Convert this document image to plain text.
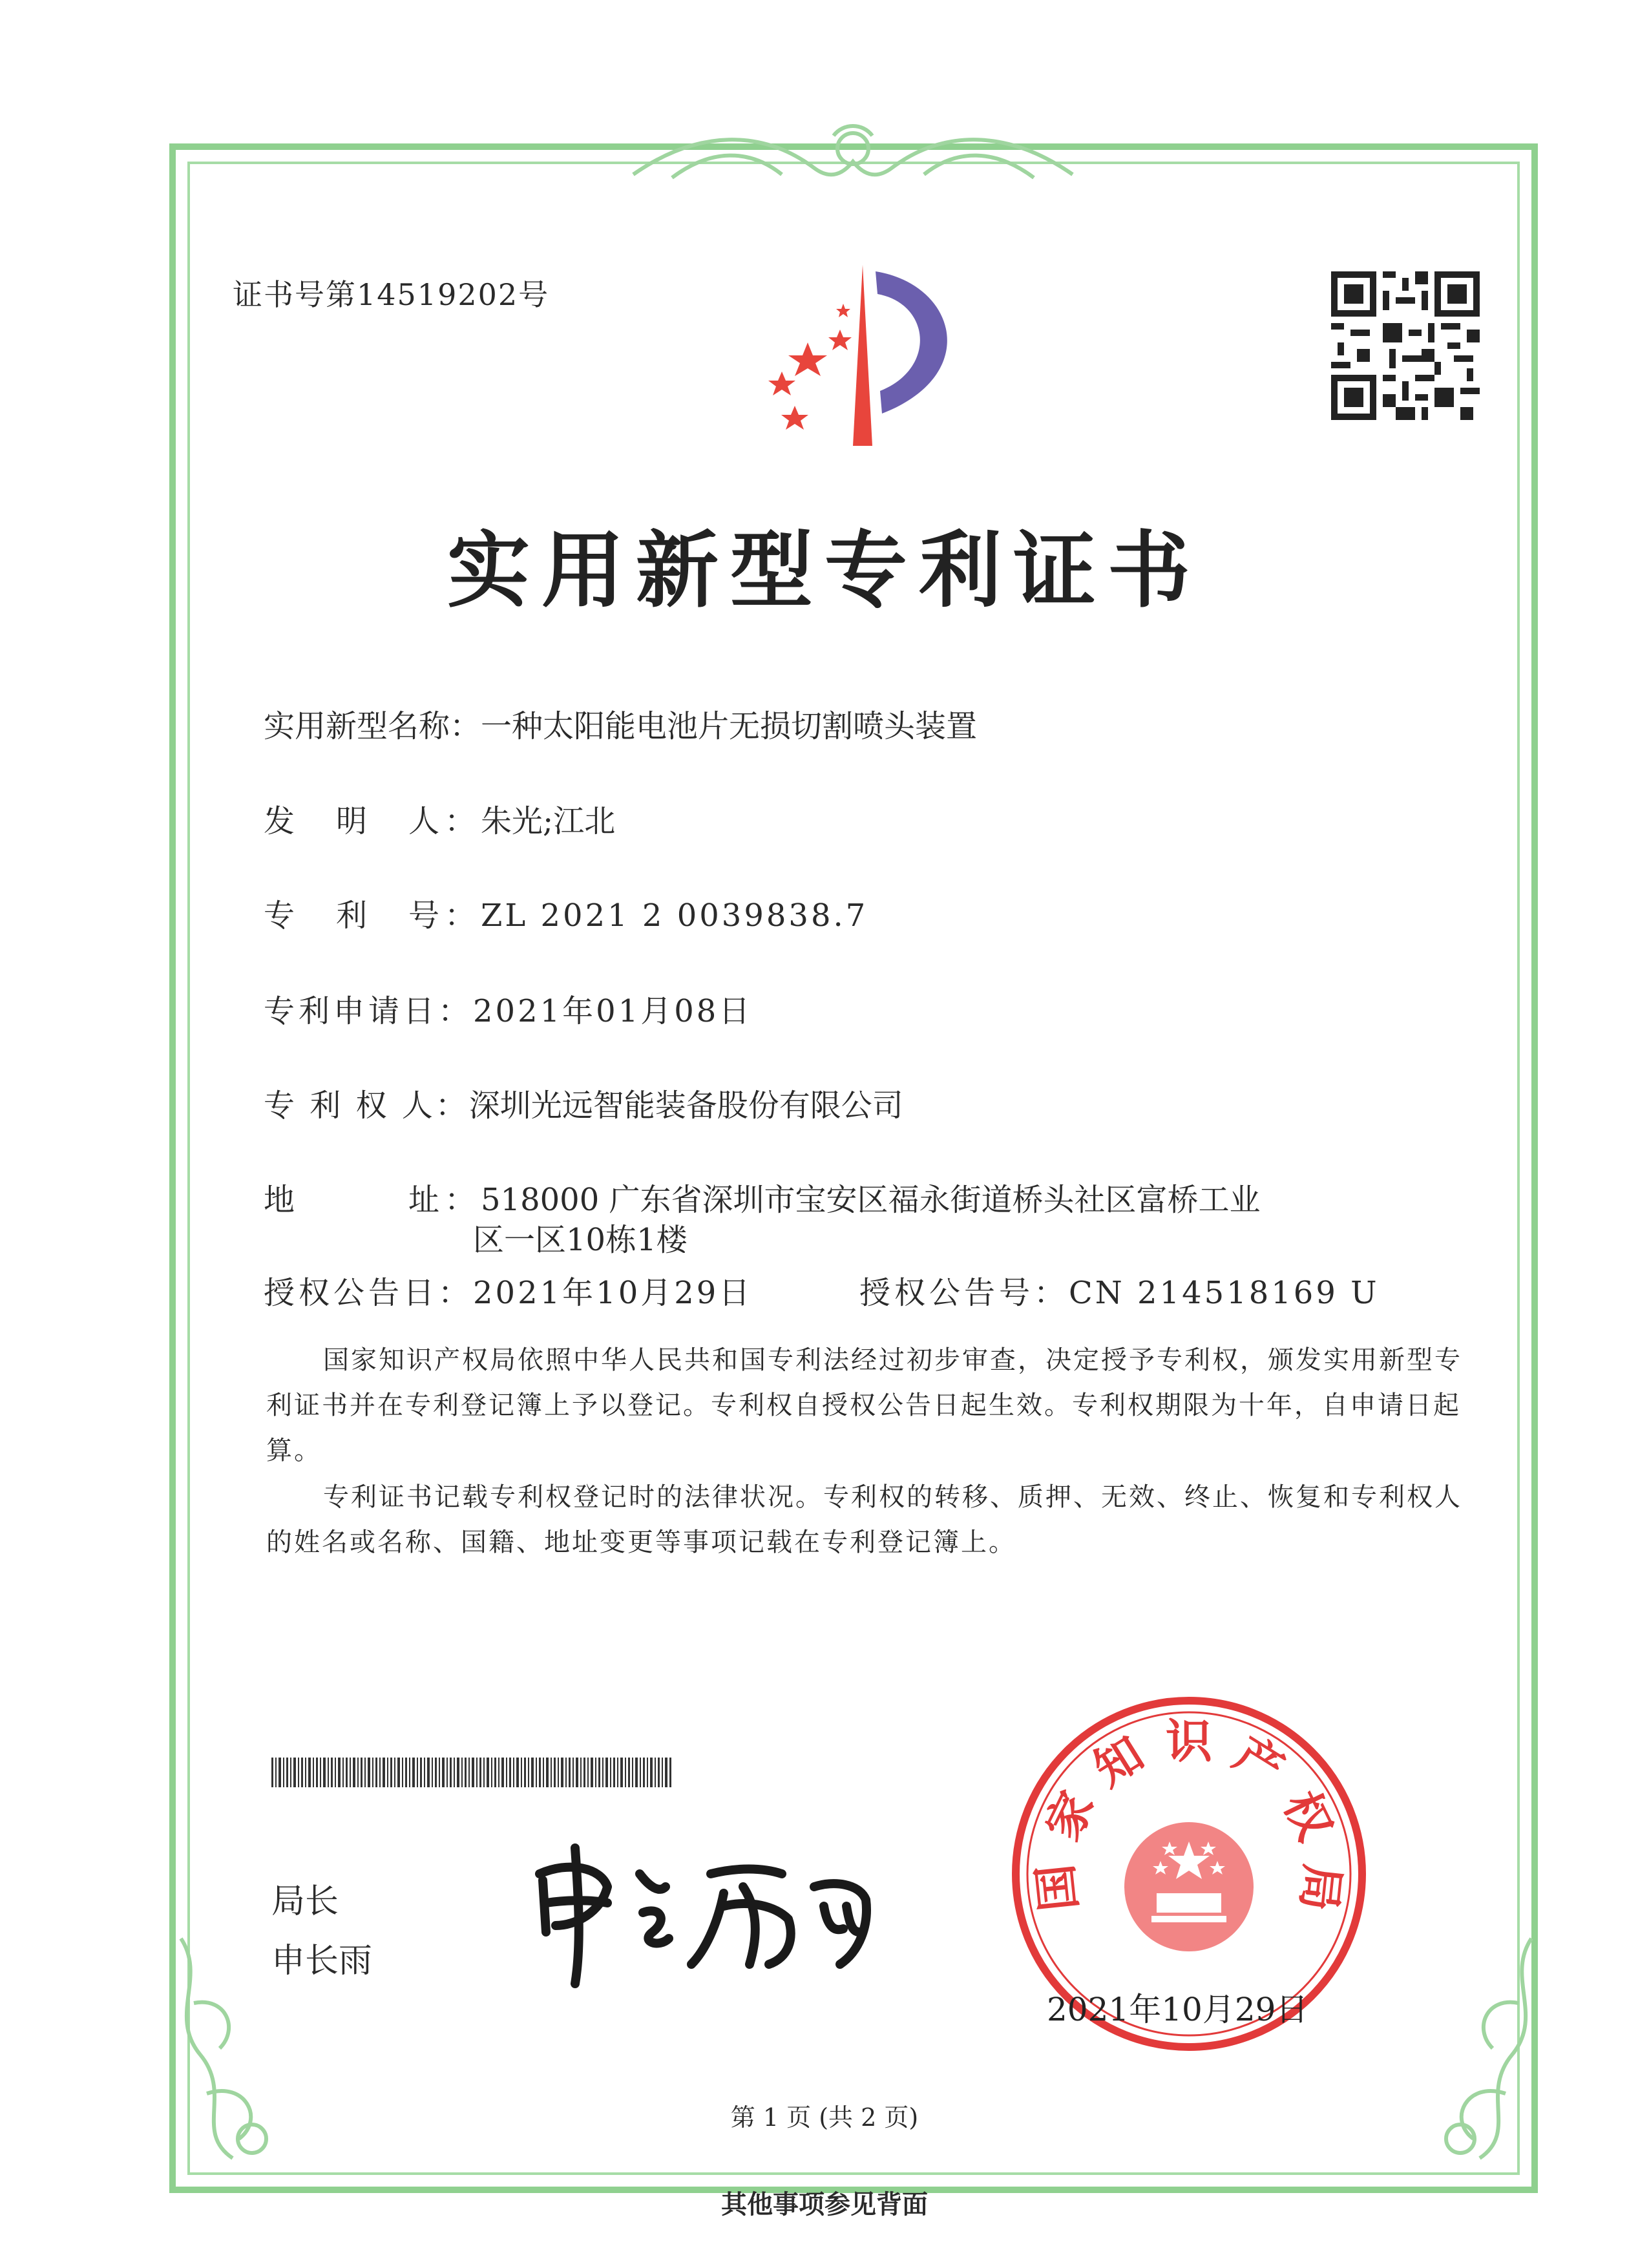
证书号第14519202号
实用新型专利证书
实用新型名称：一种太阳能电池片无损切割喷头装置
发　明　人：朱光;江北
专　利　号：ZL 2021 2 0039838.7
专利申请日：2021年01月08日
专 利 权 人：深圳光远智能装备股份有限公司
地　　　址：518000 广东省深圳市宝安区福永街道桥头社区富桥工业
区一区10栋1楼
授权公告日：2021年10月29日	授权公告号：CN 214518169 U
国家知识产权局依照中华人民共和国专利法经过初步审查，决定授予专利权，颁发实用新型专利证书并在专利登记簿上予以登记。专利权自授权公告日起生效。专利权期限为十年，自申请日起算。
专利证书记载专利权登记时的法律状况。专利权的转移、质押、无效、终止、恢复和专利权人的姓名或名称、国籍、地址变更等事项记载在专利登记簿上。
局长
申长雨
识
知
家
国
产
权
局
2021年10月29日
第 1 页 (共 2 页)
其他事项参见背面
